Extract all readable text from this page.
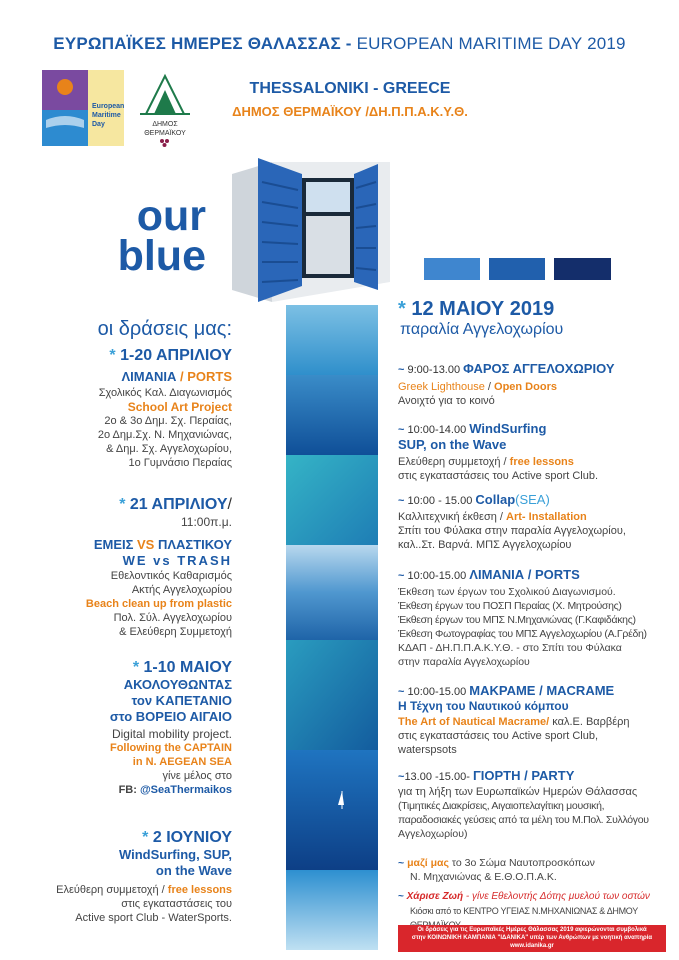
ΕΥΡΩΠΑΪΚΕΣ ΗΜΕΡΕΣ ΘΑΛΑΣΣΑΣ - EUROPEAN MARITIME DAY 2019
European
Maritime
Day	ΔΗΜΟΣ
ΘΕΡΜΑΪΚΟΥ
THESSALONIKI - GREECE
ΔΗΜΟΣ ΘΕΡΜΑΪΚΟΥ /ΔΗ.Π.Π.Α.Κ.Υ.Θ.
our
blue
οι δράσεις μας:
* 1-20 ΑΠΡΙΛΙΟΥ
ΛΙΜΑΝΙΑ / PORTS
Σχολικός Καλ. Διαγωνισμός
School Art Project
2ο & 3ο Δημ. Σχ. Περαίας,
2ο Δημ.Σχ. Ν. Μηχανιώνας,
& Δημ. Σχ. Αγγελοχωρίου,
1ο Γυμνάσιο Περαίας
* 21 ΑΠΡΙΛΙΟΥ/
11:00π.μ.
ΕΜΕΙΣ VS ΠΛΑΣΤΙΚΟΥ
WE vs TRASH
Εθελοντικός Καθαρισμός
Ακτής Αγγελοχωρίου
Beach clean up from plastic
Πολ. Σύλ. Αγγελοχωρίου
& Ελεύθερη Συμμετοχή
* 1-10 ΜΑΙΟΥ
ΑΚΟΛΟΥΘΩΝΤΑΣ
τον ΚΑΠΕΤΑΝΙΟ
στο ΒΟΡΕΙΟ ΑΙΓΑΙΟ
Digital mobility project.
Following the CAPTAIN
in N. AEGEAN SEA
γίνε μέλος στο
FB: @SeaThermaikos
* 2 ΙΟΥΝΙΟΥ
WindSurfing, SUP,
on the Wave
Ελεύθερη συμμετοχή / free lessons
στις εγκαταστάσεις του
Active sport Club - WaterSports.
* 12 ΜΑΙΟΥ 2019
παραλία Αγγελοχωρίου
~ 9:00-13.00 ΦΑΡΟΣ ΑΓΓΕΛΟΧΩΡΙΟΥ
Greek Lighthouse / Open Doors
Ανοιχτό για το κοινό
~ 10:00-14.00 WindSurfing
SUP, on the Wave
Ελεύθερη συμμετοχή / free lessons
στις εγκαταστάσεις του Active sport Club.
~ 10:00 - 15.00 Collap(SEA)
Καλλιτεχνική έκθεση / Art- Installation
Σπίτι του Φύλακα στην παραλία Αγγελοχωρίου,
καλ..Στ. Βαρνά. ΜΠΣ Αγγελοχωρίου
~ 10:00-15.00 ΛΙΜΑΝΙΑ / PORTS
Έκθεση των έργων του Σχολικού Διαγωνισμού.
Έκθεση έργων του ΠΟΣΠ Περαίας (Χ. Μητρούσης)
Έκθεση έργων του ΜΠΣ Ν.Μηχανιώνας (Γ.Καφιδάκης)
Έκθεση Φωτογραφίας του ΜΠΣ Αγγελοχωρίου (Α.Γρέδη)
ΚΔΑΠ - ΔΗ.Π.Π.Α.Κ.Υ.Θ. - στο Σπίτι του Φύλακα
στην παραλία Αγγελοχωρίου
~ 10:00-15.00 ΜΑΚΡΑΜΕ / MACRAME
Η Τέχνη του Ναυτικού κόμπου
The Art of Nautical Macrame/ καλ.Ε. Βαρβέρη
στις εγκαταστάσεις του Active sport Club,
waterspsots
~13.00 -15.00- ΓΙΟΡΤΗ / PARTY
για τη λήξη των Ευρωπαϊκών Ημερών Θάλασσας
(Τιμητικές Διακρίσεις, Αιγαιοπελαγίτικη μουσική,
παραδοσιακές γεύσεις από τα μέλη του Μ.Πολ. Συλλόγου
Αγγελοχωρίου)
~ μαζί μας το 3ο Σώμα Ναυτοπροσκόπων
Ν. Μηχανιώνας & Ε.Θ.Ο.Π.Α.Κ.
~ Χάρισε Ζωή - γίνε Εθελοντής Δότης μυελού των οστών
Κιόσκι από το ΚΕΝΤΡΟ ΥΓΕΙΑΣ Ν.ΜΗΧΑΝΙΩΝΑΣ & ΔΗΜΟΥ
Οι δράσεις για τις Ευρωπαϊκές Ημέρες Θάλασσας 2019 αφιερώνονται συμβολικά
στην ΚΟΙΝΩΝΙΚΗ ΚΑΜΠΑΝΙΑ "ΙΔΑΝΙΚΑ" υπέρ των Ανθρώπων με νοητική αναπηρία
www.idanika.gr
